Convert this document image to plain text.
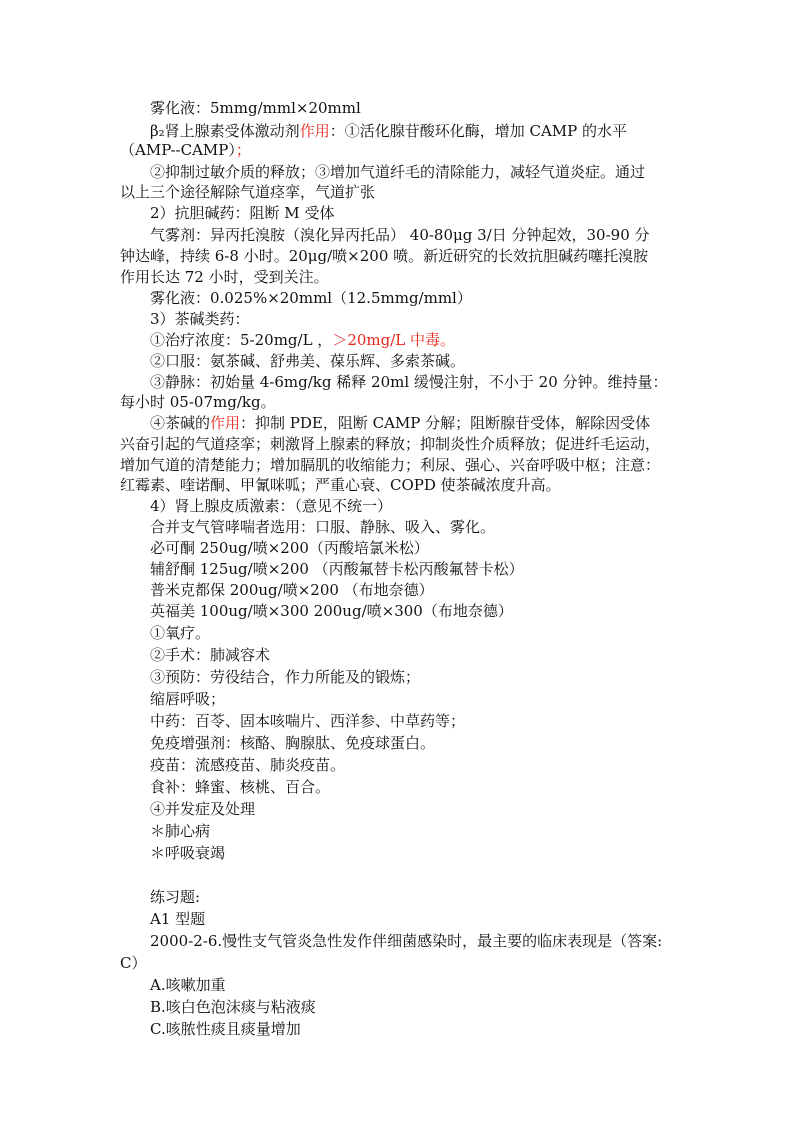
雾化液：5mmg/mml×20mml
β₂肾上腺素受体激动剂作用：①活化腺苷酸环化酶，增加 CAMP 的水平
（AMP--CAMP）；
②抑制过敏介质的释放；③增加气道纤毛的清除能力，减轻气道炎症。通过
以上三个途径解除气道痉挛，气道扩张
2）抗胆碱药：阻断 M 受体
气雾剂：异丙托溴胺（溴化异丙托品） 40-80μg 3/日 分钟起效，30-90 分
钟达峰，持续 6-8 小时。20μg/喷×200 喷。新近研究的长效抗胆碱药噻托溴胺
作用长达 72 小时，受到关注。
雾化液：0.025%×20mml（12.5mmg/mml）
3）茶碱类药：
①治疗浓度：5-20mg/L ，＞20mg/L 中毒。
②口服：氨茶碱、舒弗美、葆乐辉、多索茶碱。
③静脉：初始量 4-6mg/kg 稀释 20ml 缓慢注射，不小于 20 分钟。维持量：
每小时 05-07mg/kg。
④茶碱的作用：抑制 PDE，阻断 CAMP 分解；阻断腺苷受体，解除因受体
兴奋引起的气道痉挛；刺激肾上腺素的释放；抑制炎性介质释放；促进纤毛运动，
增加气道的清楚能力；增加膈肌的收缩能力；利尿、强心、兴奋呼吸中枢；注意：
红霉素、喹诺酮、甲氰咪呱；严重心衰、COPD 使茶碱浓度升高。
4）肾上腺皮质激素：（意见不统一）
合并支气管哮喘者选用：口服、静脉、吸入、雾化。
必可酮 250ug/喷×200（丙酸培氯米松）
辅舒酮 125ug/喷×200 （丙酸氟替卡松丙酸氟替卡松）
普米克都保 200ug/喷×200 （布地奈德）
英福美 100ug/喷×300 200ug/喷×300（布地奈德）
①氧疗。
②手术：肺减容术
③预防：劳役结合，作力所能及的锻炼；
缩唇呼吸；
中药：百苓、固本咳喘片、西洋参、中草药等；
免疫增强剂：核酪、胸腺肽、免疫球蛋白。
疫苗：流感疫苗、肺炎疫苗。
食补：蜂蜜、核桃、百合。
④并发症及处理
＊肺心病
＊呼吸衰竭
练习题:
A1 型题
2000-2-6.慢性支气管炎急性发作伴细菌感染时，最主要的临床表现是（答案:
C）
A.咳嗽加重
B.咳白色泡沫痰与粘液痰
C.咳脓性痰且痰量增加
